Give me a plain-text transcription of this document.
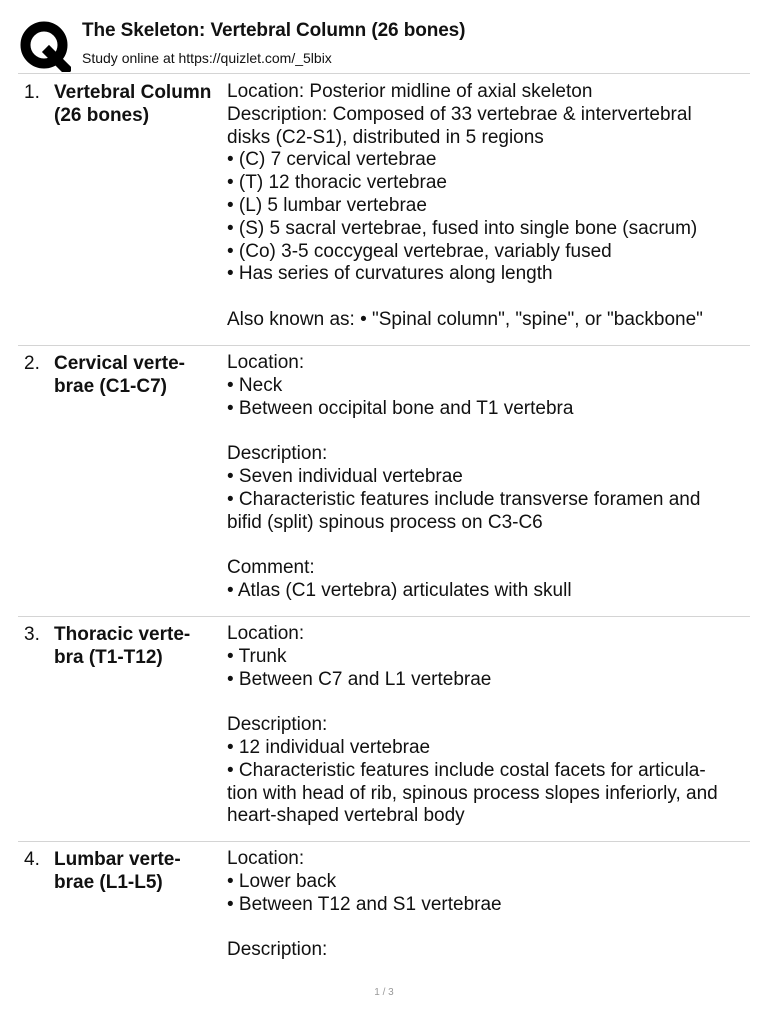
The Skeleton: Vertebral Column (26 bones)
Study online at https://quizlet.com/_5lbix
1. Vertebral Column
(26 bones)
Location: Posterior midline of axial skeleton
Description: Composed of 33 vertebrae & intervertebral
disks (C2-S1), distributed in 5 regions
• (C) 7 cervical vertebrae
• (T) 12 thoracic vertebrae
• (L) 5 lumbar vertebrae
• (S) 5 sacral vertebrae, fused into single bone (sacrum)
• (Co) 3-5 coccygeal vertebrae, variably fused
• Has series of curvatures along length
Also known as: • "Spinal column", "spine", or "backbone"
2. Cervical verte-
brae (C1-C7)
Location:
• Neck
• Between occipital bone and T1 vertebra
Description:
• Seven individual vertebrae
• Characteristic features include transverse foramen and
bifid (split) spinous process on C3-C6
Comment:
• Atlas (C1 vertebra) articulates with skull
3. Thoracic verte-
bra (T1-T12)
Location:
• Trunk
• Between C7 and L1 vertebrae
Description:
• 12 individual vertebrae
• Characteristic features include costal facets for articula-
tion with head of rib, spinous process slopes inferiorly, and
heart-shaped vertebral body
4. Lumbar verte-
brae (L1-L5)
Location:
• Lower back
• Between T12 and S1 vertebrae
Description:
1 / 3
